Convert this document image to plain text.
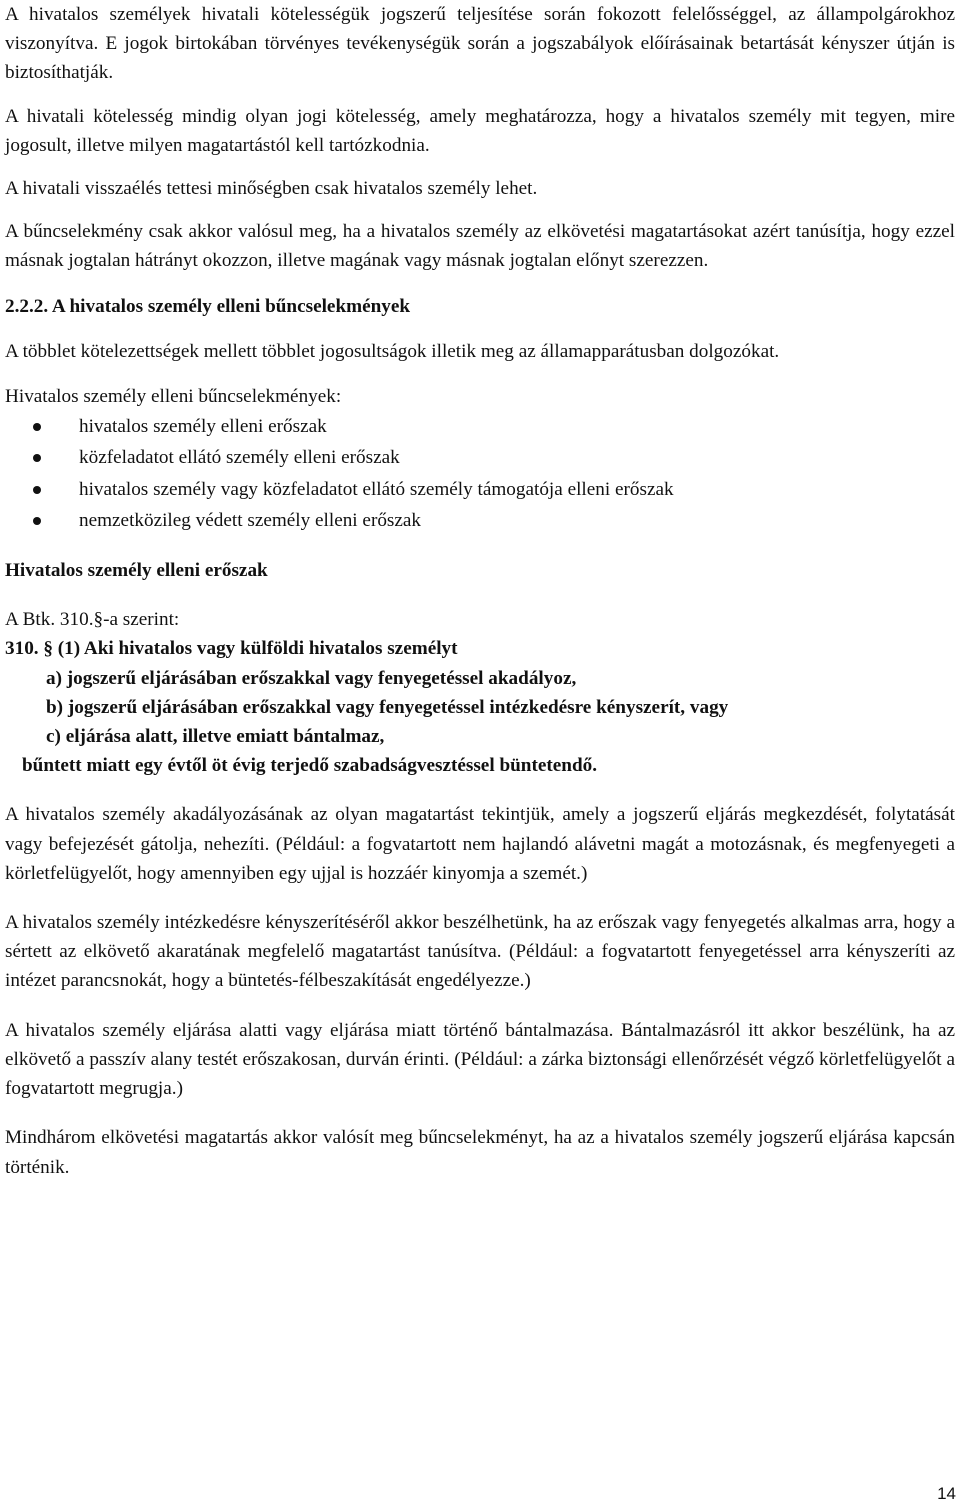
A hivatalos személyek hivatali kötelességük jogszerű teljesítése során fokozott felelősséggel, az állampolgárokhoz viszonyítva. E jogok birtokában törvényes tevékenységük során a jogszabályok előírásainak betartását kényszer útján is biztosíthatják.

A hivatali kötelesség mindig olyan jogi kötelesség, amely meghatározza, hogy a hivatalos személy mit tegyen, mire jogosult, illetve milyen magatartástól kell tartózkodnia.

A hivatali visszaélés tettesi minőségben csak hivatalos személy lehet.

A bűncselekmény csak akkor valósul meg, ha a hivatalos személy az elkövetési magatartásokat azért tanúsítja, hogy ezzel másnak jogtalan hátrányt okozzon, illetve magának vagy másnak jogtalan előnyt szerezzen.

2.2.2. A hivatalos személy elleni bűncselekmények

A többlet kötelezettségek mellett többlet jogosultságok illetik meg az államapparátusban dolgozókat.

Hivatalos személy elleni bűncselekmények:

hivatalos személy elleni erőszak
közfeladatot ellátó személy elleni erőszak
hivatalos személy vagy közfeladatot ellátó személy támogatója elleni erőszak
nemzetközileg védett személy elleni erőszak

Hivatalos személy elleni erőszak

A Btk. 310.§-a szerint:

310. § (1) Aki hivatalos vagy külföldi hivatalos személyt
a) jogszerű eljárásában erőszakkal vagy fenyegetéssel akadályoz,
b) jogszerű eljárásában erőszakkal vagy fenyegetéssel intézkedésre kényszerít, vagy
c) eljárása alatt, illetve emiatt bántalmaz,
bűntett miatt egy évtől öt évig terjedő szabadságvesztéssel büntetendő.

A hivatalos személy akadályozásának az olyan magatartást tekintjük, amely a jogszerű eljárás megkezdését, folytatását vagy befejezését gátolja, nehezíti. (Például: a fogvatartott nem hajlandó alávetni magát a motozásnak, és megfenyegeti a körletfelügyelőt, hogy amennyiben egy ujjal is hozzáér kinyomja a szemét.)

A hivatalos személy intézkedésre kényszerítéséről akkor beszélhetünk, ha az erőszak vagy fenyegetés alkalmas arra, hogy a sértett az elkövető akaratának megfelelő magatartást tanúsítva. (Például: a fogvatartott fenyegetéssel arra kényszeríti az intézet parancsnokát, hogy a büntetés-félbeszakítását engedélyezze.)

A hivatalos személy eljárása alatti vagy eljárása miatt történő bántalmazása. Bántalmazásról itt akkor beszélünk, ha az elkövető a passzív alany testét erőszakosan, durván érinti. (Például: a zárka biztonsági ellenőrzését végző körletfelügyelőt a fogvatartott megrugja.)

Mindhárom elkövetési magatartás akkor valósít meg bűncselekményt, ha az a hivatalos személy jogszerű eljárása kapcsán történik.

14
